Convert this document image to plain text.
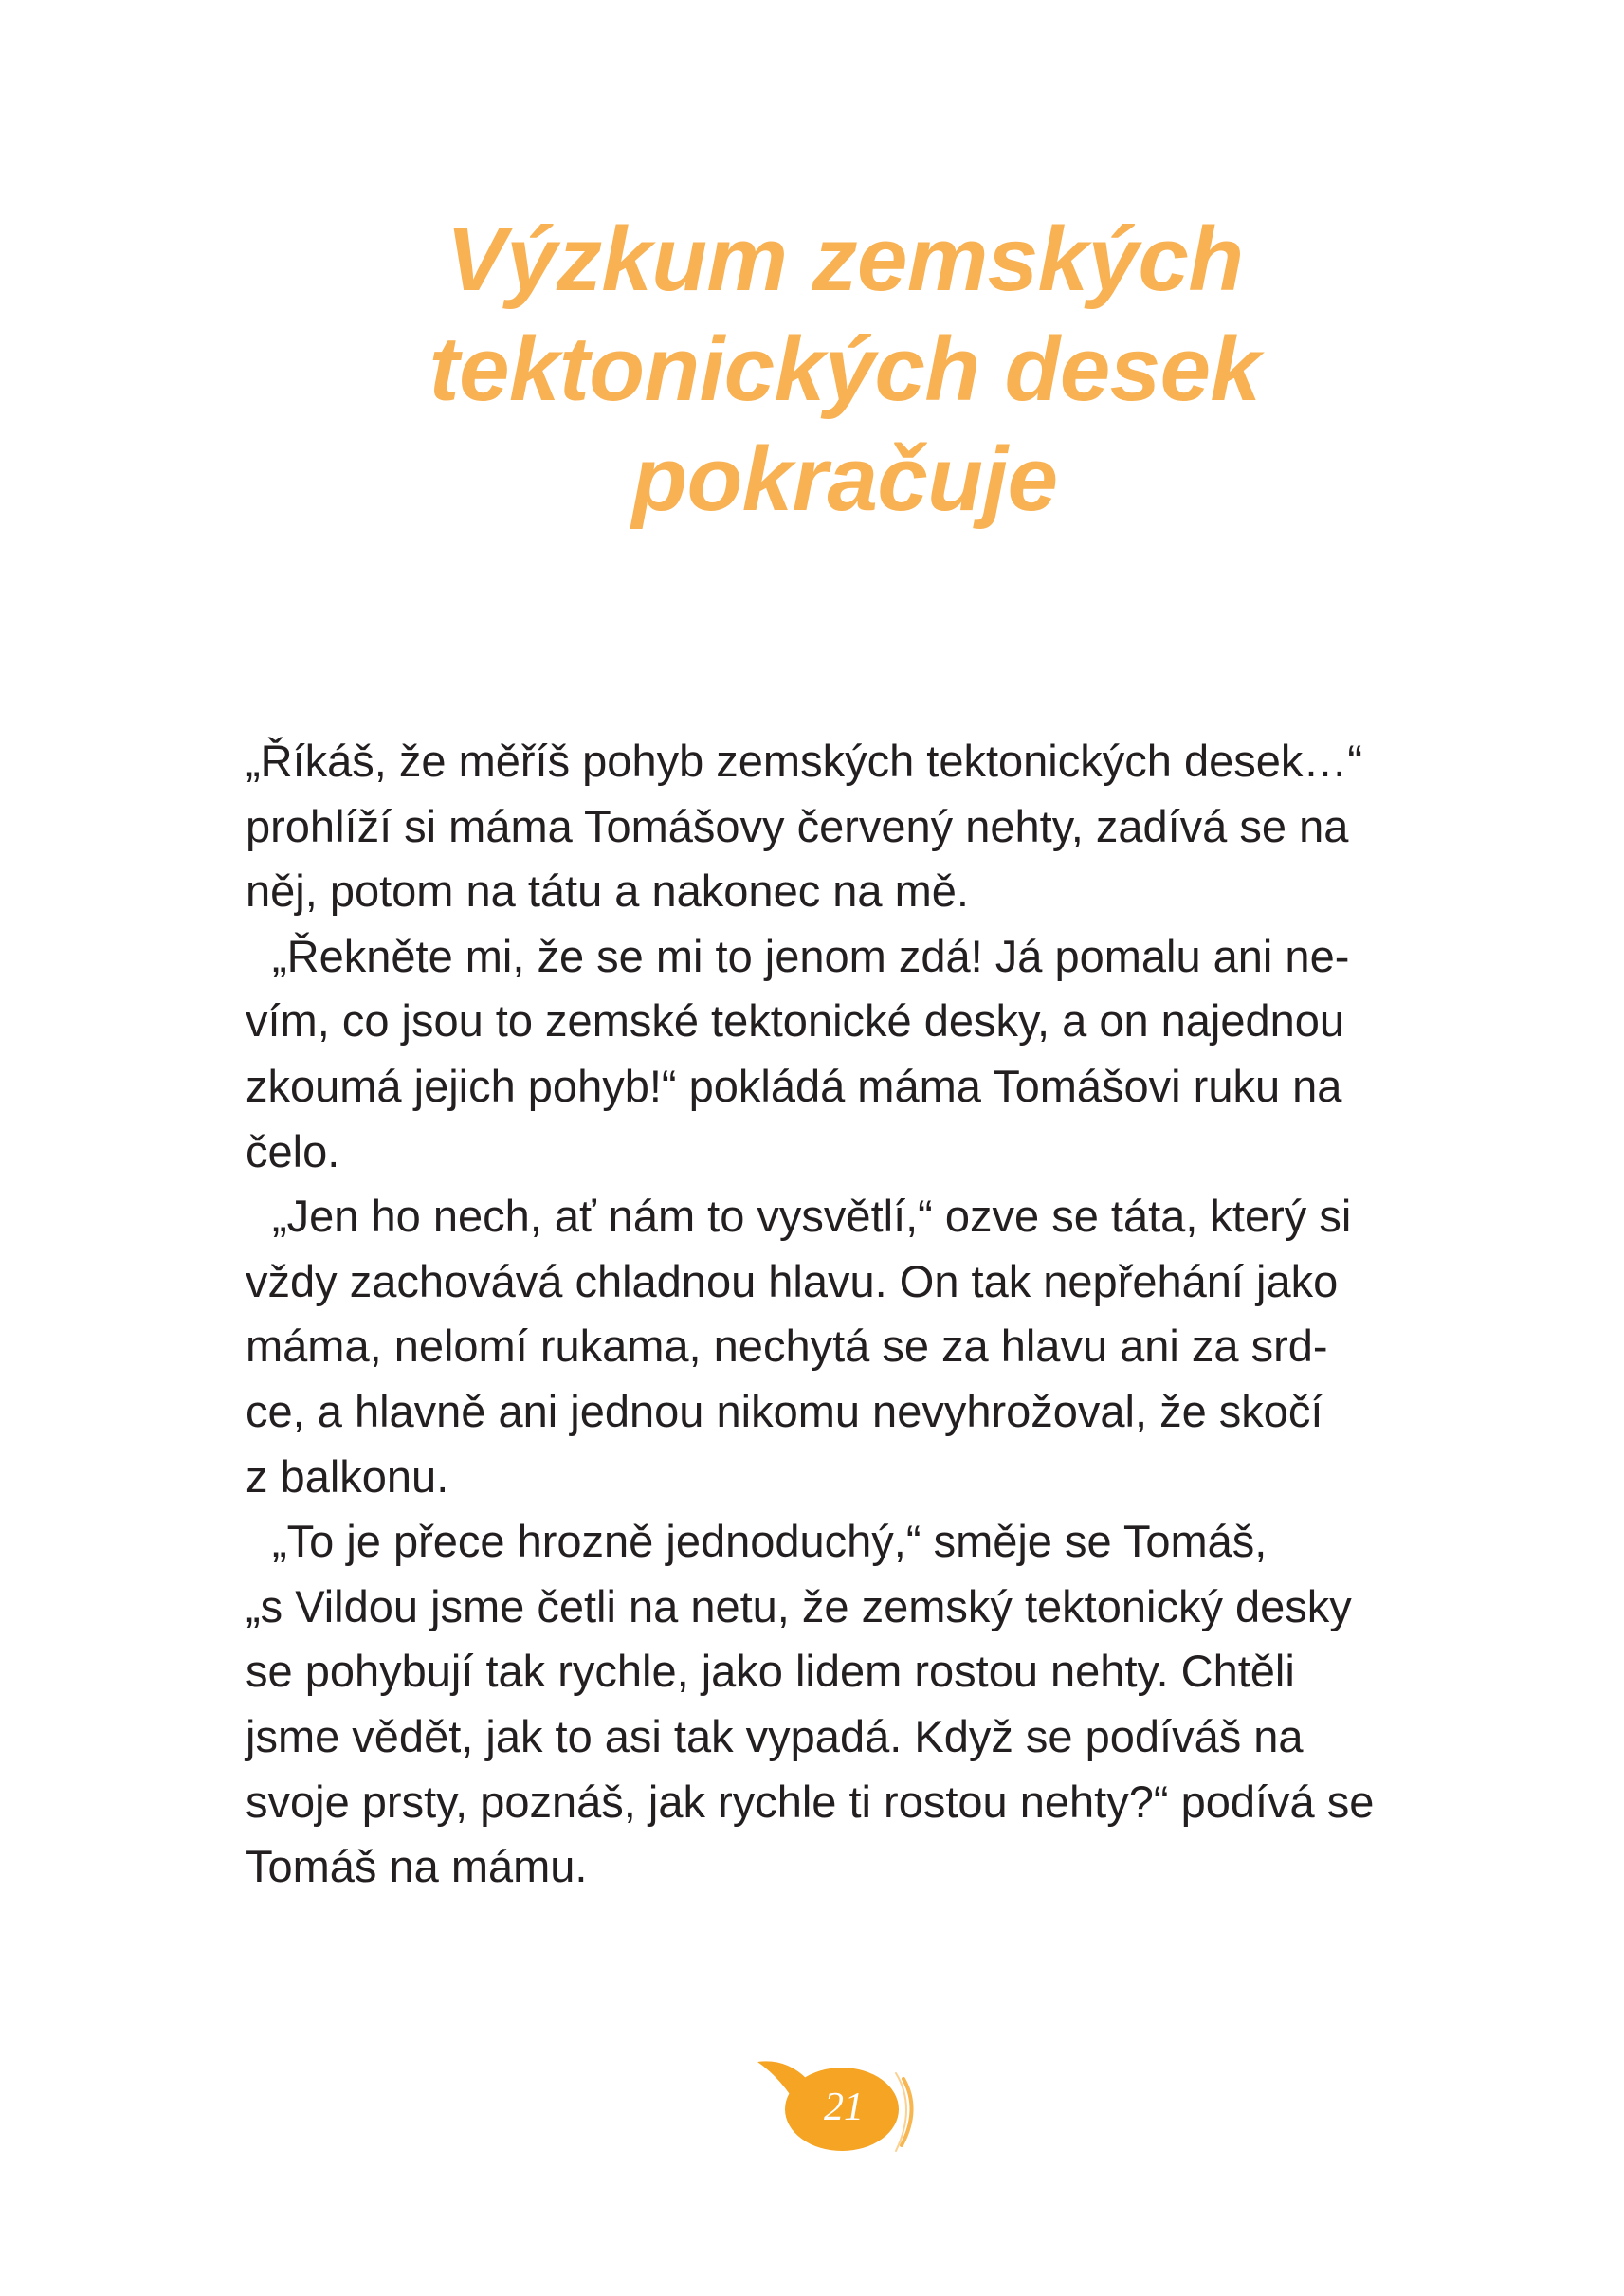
Výzkum zemských
tektonických desek
pokračuje
„Říkáš, že měříš pohyb zemských tektonických desek…“
prohlíží si máma Tomášovy červený nehty, zadívá se na
něj, potom na tátu a nakonec na mě.
„Řekněte mi, že se mi to jenom zdá! Já pomalu ani ne-
vím, co jsou to zemské tektonické desky, a on najednou
zkoumá jejich pohyb!“ pokládá máma Tomášovi ruku na
čelo.
„Jen ho nech, ať nám to vysvětlí,“ ozve se táta, který si
vždy zachovává chladnou hlavu. On tak nepřehání jako
máma, nelomí rukama, nechytá se za hlavu ani za srd-
ce, a hlavně ani jednou nikomu nevyhrožoval, že skočí
z balkonu.
„To je přece hrozně jednoduchý,“ směje se Tomáš,
„s Vildou jsme četli na netu, že zemský tektonický desky
se pohybují tak rychle, jako lidem rostou nehty. Chtěli
jsme vědět, jak to asi tak vypadá. Když se podíváš na
svoje prsty, poznáš, jak rychle ti rostou nehty?“ podívá se
Tomáš na mámu.
21
